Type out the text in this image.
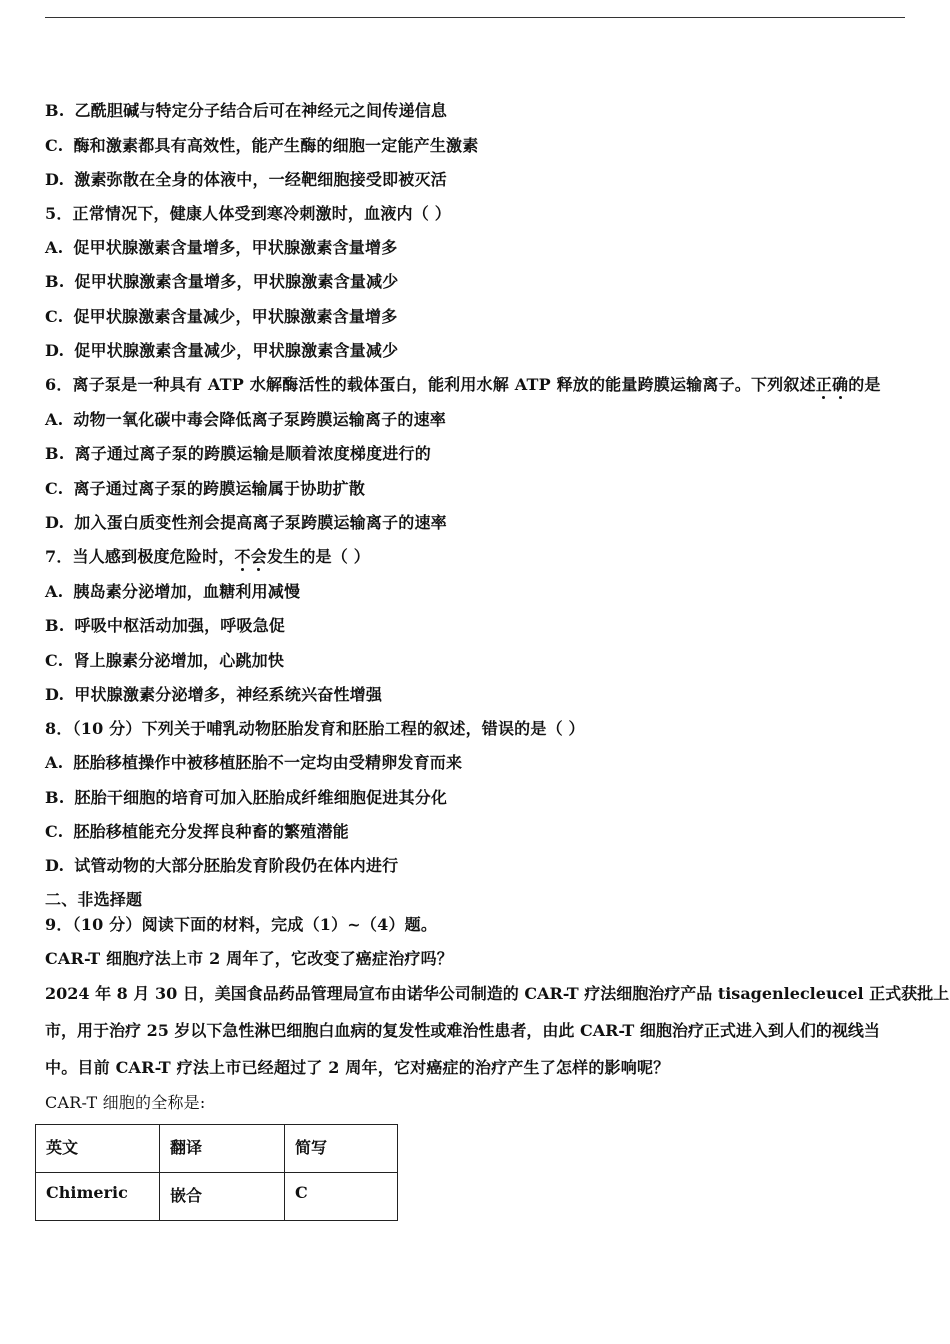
B. 乙酰胆碱与特定分子结合后可在神经元之间传递信息
C. 酶和激素都具有高效性，能产生酶的细胞一定能产生激素
D. 激素弥散在全身的体液中，一经靶细胞接受即被灭活
5．正常情况下，健康人体受到寒冷刺激时，血液内（ ）
A. 促甲状腺激素含量增多，甲状腺激素含量增多
B. 促甲状腺激素含量增多，甲状腺激素含量减少
C. 促甲状腺激素含量减少，甲状腺激素含量增多
D. 促甲状腺激素含量减少，甲状腺激素含量减少
6．离子泵是一种具有 ATP 水解酶活性的载体蛋白，能利用水解 ATP 释放的能量跨膜运输离子。下列叙述正确的是
A. 动物一氧化碳中毒会降低离子泵跨膜运输离子的速率
B. 离子通过离子泵的跨膜运输是顺着浓度梯度进行的
C. 离子通过离子泵的跨膜运输属于协助扩散
D. 加入蛋白质变性剂会提高离子泵跨膜运输离子的速率
7．当人感到极度危险时，不会发生的是（ ）
A. 胰岛素分泌增加，血糖利用减慢
B. 呼吸中枢活动加强，呼吸急促
C. 肾上腺素分泌增加，心跳加快
D. 甲状腺激素分泌增多，神经系统兴奋性增强
8．（10 分）下列关于哺乳动物胚胎发育和胚胎工程的叙述，错误的是（ ）
A. 胚胎移植操作中被移植胚胎不一定均由受精卵发育而来
B. 胚胎干细胞的培育可加入胚胎成纤维细胞促进其分化
C. 胚胎移植能充分发挥良种畜的繁殖潜能
D. 试管动物的大部分胚胎发育阶段仍在体内进行
二、非选择题
9．（10 分）阅读下面的材料，完成（1）~（4）题。
CAR-T 细胞疗法上市 2 周年了，它改变了癌症治疗吗？
2024 年 8 月 30 日，美国食品药品管理局宣布由诺华公司制造的 CAR-T 疗法细胞治疗产品 tisagenlecleucel 正式获批上
市，用于治疗 25 岁以下急性淋巴细胞白血病的复发性或难治性患者，由此 CAR-T 细胞治疗正式进入到人们的视线当
中。目前 CAR-T 疗法上市已经超过了 2 周年，它对癌症的治疗产生了怎样的影响呢？
CAR-T 细胞的全称是:
英文	翻译	简写
Chimeric	嵌合	C
